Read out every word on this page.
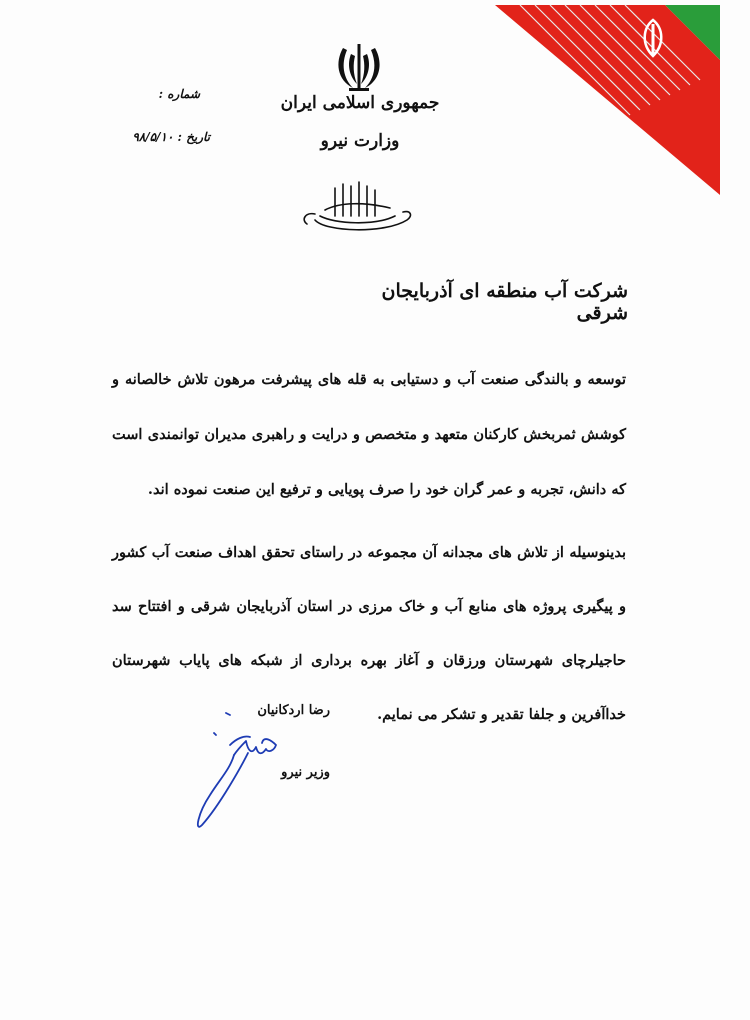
شماره :
تاریخ : ۹۸/۵/۱۰
جمهوری اسلامی ایران
وزارت نیرو
شرکت آب منطقه ای آذربایجان شرقی

توسعه و بالندگی صنعت آب و دستیابی به قله های پیشرفت مرهون تلاش خالصانه و کوشش ثمربخش کارکنان متعهد و متخصص و درایت و راهبری مدیران توانمندی است که دانش، تجربه و عمر گران خود را صرف پویایی و ترفیع این صنعت نموده اند.

بدینوسیله از تلاش های مجدانه آن مجموعه در راستای تحقق اهداف صنعت آب کشور و پیگیری پروژه های منابع آب و خاک مرزی در استان آذربایجان شرقی و افتتاح سد حاجیلرچای شهرستان ورزقان و آغاز بهره برداری از شبکه های پایاب شهرستان خداآفرین و جلفا تقدیر و تشکر می نمایم.

رضا اردکانیان
وزیر نیرو
